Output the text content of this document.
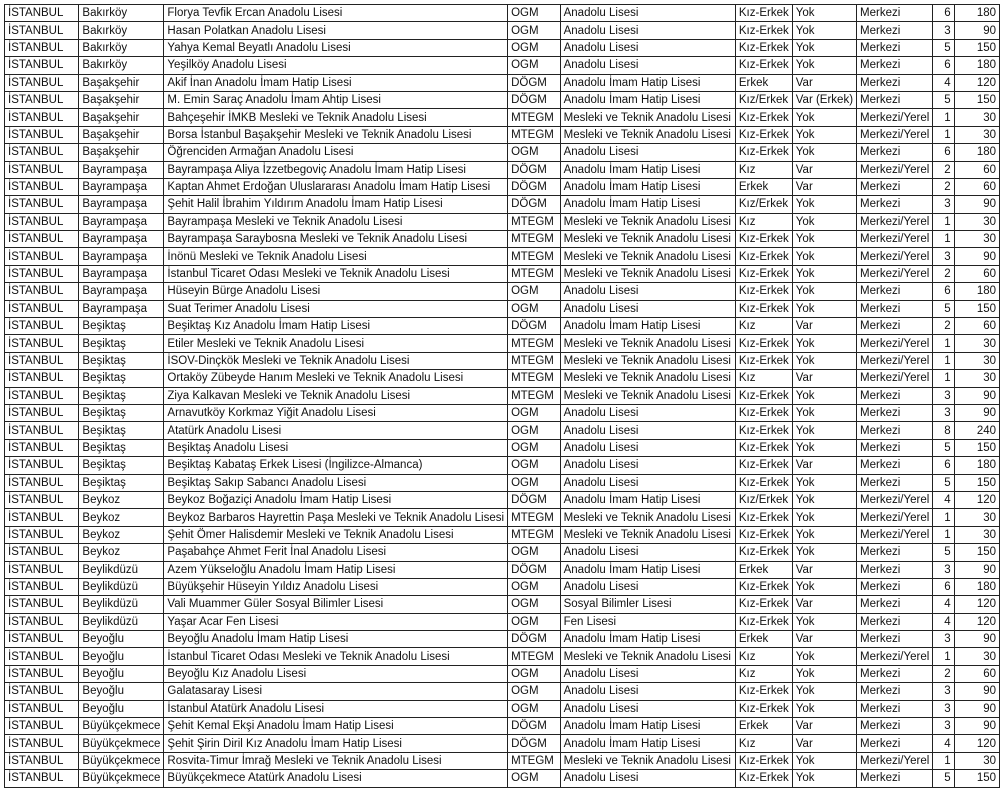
İSTANBUL	Bakırköy	Florya Tevfik Ercan Anadolu Lisesi	OGM	Anadolu Lisesi	Kız-Erkek	Yok	Merkezi	6	180
İSTANBUL	Bakırköy	Hasan Polatkan Anadolu Lisesi	OGM	Anadolu Lisesi	Kız-Erkek	Yok	Merkezi	3	90
İSTANBUL	Bakırköy	Yahya Kemal Beyatlı Anadolu Lisesi	OGM	Anadolu Lisesi	Kız-Erkek	Yok	Merkezi	5	150
İSTANBUL	Bakırköy	Yeşilköy Anadolu Lisesi	OGM	Anadolu Lisesi	Kız-Erkek	Yok	Merkezi	6	180
İSTANBUL	Başakşehir	Akif İnan Anadolu İmam Hatip Lisesi	DÖGM	Anadolu İmam Hatip Lisesi	Erkek	Var	Merkezi	4	120
İSTANBUL	Başakşehir	M. Emin Saraç Anadolu İmam Ahtip Lisesi	DÖGM	Anadolu İmam Hatip Lisesi	Kız/Erkek	Var (Erkek)	Merkezi	5	150
İSTANBUL	Başakşehir	Bahçeşehir İMKB Mesleki ve Teknik Anadolu Lisesi	MTEGM	Mesleki ve Teknik Anadolu Lisesi	Kız-Erkek	Yok	Merkezi/Yerel	1	30
İSTANBUL	Başakşehir	Borsa İstanbul Başakşehir Mesleki ve Teknik Anadolu Lisesi	MTEGM	Mesleki ve Teknik Anadolu Lisesi	Kız-Erkek	Yok	Merkezi/Yerel	1	30
İSTANBUL	Başakşehir	Öğrenciden Armağan Anadolu Lisesi	OGM	Anadolu Lisesi	Kız-Erkek	Yok	Merkezi	6	180
İSTANBUL	Bayrampaşa	Bayrampaşa Aliya İzzetbegoviç Anadolu İmam Hatip Lisesi	DÖGM	Anadolu İmam Hatip Lisesi	Kız	Var	Merkezi/Yerel	2	60
İSTANBUL	Bayrampaşa	Kaptan Ahmet Erdoğan Uluslararası Anadolu İmam Hatip Lisesi	DÖGM	Anadolu İmam Hatip Lisesi	Erkek	Var	Merkezi	2	60
İSTANBUL	Bayrampaşa	Şehit Halil İbrahim Yıldırım Anadolu İmam Hatip Lisesi	DÖGM	Anadolu İmam Hatip Lisesi	Kız/Erkek	Yok	Merkezi	3	90
İSTANBUL	Bayrampaşa	Bayrampaşa Mesleki ve Teknik Anadolu Lisesi	MTEGM	Mesleki ve Teknik Anadolu Lisesi	Kız	Yok	Merkezi/Yerel	1	30
İSTANBUL	Bayrampaşa	Bayrampaşa Saraybosna Mesleki ve Teknik Anadolu Lisesi	MTEGM	Mesleki ve Teknik Anadolu Lisesi	Kız-Erkek	Yok	Merkezi/Yerel	1	30
İSTANBUL	Bayrampaşa	İnönü Mesleki ve Teknik Anadolu Lisesi	MTEGM	Mesleki ve Teknik Anadolu Lisesi	Kız-Erkek	Yok	Merkezi/Yerel	3	90
İSTANBUL	Bayrampaşa	İstanbul Ticaret Odası Mesleki ve Teknik Anadolu Lisesi	MTEGM	Mesleki ve Teknik Anadolu Lisesi	Kız-Erkek	Yok	Merkezi/Yerel	2	60
İSTANBUL	Bayrampaşa	Hüseyin Bürge Anadolu Lisesi	OGM	Anadolu Lisesi	Kız-Erkek	Yok	Merkezi	6	180
İSTANBUL	Bayrampaşa	Suat Terimer Anadolu Lisesi	OGM	Anadolu Lisesi	Kız-Erkek	Yok	Merkezi	5	150
İSTANBUL	Beşiktaş	Beşiktaş Kız Anadolu İmam Hatip Lisesi	DÖGM	Anadolu İmam Hatip Lisesi	Kız	Var	Merkezi	2	60
İSTANBUL	Beşiktaş	Etiler Mesleki ve Teknik Anadolu Lisesi	MTEGM	Mesleki ve Teknik Anadolu Lisesi	Kız-Erkek	Yok	Merkezi/Yerel	1	30
İSTANBUL	Beşiktaş	İSOV-Dinçkök Mesleki ve Teknik Anadolu Lisesi	MTEGM	Mesleki ve Teknik Anadolu Lisesi	Kız-Erkek	Yok	Merkezi/Yerel	1	30
İSTANBUL	Beşiktaş	Ortaköy Zübeyde Hanım Mesleki ve Teknik Anadolu Lisesi	MTEGM	Mesleki ve Teknik Anadolu Lisesi	Kız	Var	Merkezi/Yerel	1	30
İSTANBUL	Beşiktaş	Ziya Kalkavan Mesleki ve Teknik Anadolu Lisesi	MTEGM	Mesleki ve Teknik Anadolu Lisesi	Kız-Erkek	Yok	Merkezi	3	90
İSTANBUL	Beşiktaş	Arnavutköy Korkmaz Yiğit Anadolu Lisesi	OGM	Anadolu Lisesi	Kız-Erkek	Yok	Merkezi	3	90
İSTANBUL	Beşiktaş	Atatürk Anadolu Lisesi	OGM	Anadolu Lisesi	Kız-Erkek	Yok	Merkezi	8	240
İSTANBUL	Beşiktaş	Beşiktaş Anadolu Lisesi	OGM	Anadolu Lisesi	Kız-Erkek	Yok	Merkezi	5	150
İSTANBUL	Beşiktaş	Beşiktaş Kabataş Erkek Lisesi (İngilizce-Almanca)	OGM	Anadolu Lisesi	Kız-Erkek	Var	Merkezi	6	180
İSTANBUL	Beşiktaş	Beşiktaş Sakıp Sabancı Anadolu Lisesi	OGM	Anadolu Lisesi	Kız-Erkek	Yok	Merkezi	5	150
İSTANBUL	Beykoz	Beykoz Boğaziçi Anadolu İmam Hatip Lisesi	DÖGM	Anadolu İmam Hatip Lisesi	Kız/Erkek	Yok	Merkezi/Yerel	4	120
İSTANBUL	Beykoz	Beykoz Barbaros Hayrettin Paşa Mesleki ve Teknik Anadolu Lisesi	MTEGM	Mesleki ve Teknik Anadolu Lisesi	Kız-Erkek	Yok	Merkezi/Yerel	1	30
İSTANBUL	Beykoz	Şehit Ömer Halisdemir Mesleki ve Teknik Anadolu Lisesi	MTEGM	Mesleki ve Teknik Anadolu Lisesi	Kız-Erkek	Yok	Merkezi/Yerel	1	30
İSTANBUL	Beykoz	Paşabahçe Ahmet Ferit İnal Anadolu Lisesi	OGM	Anadolu Lisesi	Kız-Erkek	Yok	Merkezi	5	150
İSTANBUL	Beylikdüzü	Azem Yükseloğlu Anadolu İmam Hatip Lisesi	DÖGM	Anadolu İmam Hatip Lisesi	Erkek	Var	Merkezi	3	90
İSTANBUL	Beylikdüzü	Büyükşehir Hüseyin Yıldız Anadolu Lisesi	OGM	Anadolu Lisesi	Kız-Erkek	Yok	Merkezi	6	180
İSTANBUL	Beylikdüzü	Vali Muammer Güler Sosyal Bilimler Lisesi	OGM	Sosyal Bilimler Lisesi	Kız-Erkek	Var	Merkezi	4	120
İSTANBUL	Beylikdüzü	Yaşar Acar Fen Lisesi	OGM	Fen Lisesi	Kız-Erkek	Yok	Merkezi	4	120
İSTANBUL	Beyoğlu	Beyoğlu Anadolu İmam Hatip Lisesi	DÖGM	Anadolu İmam Hatip Lisesi	Erkek	Var	Merkezi	3	90
İSTANBUL	Beyoğlu	İstanbul Ticaret Odası Mesleki ve Teknik Anadolu Lisesi	MTEGM	Mesleki ve Teknik Anadolu Lisesi	Kız	Yok	Merkezi/Yerel	1	30
İSTANBUL	Beyoğlu	Beyoğlu Kız Anadolu Lisesi	OGM	Anadolu Lisesi	Kız	Yok	Merkezi	2	60
İSTANBUL	Beyoğlu	Galatasaray Lisesi	OGM	Anadolu Lisesi	Kız-Erkek	Yok	Merkezi	3	90
İSTANBUL	Beyoğlu	İstanbul Atatürk Anadolu Lisesi	OGM	Anadolu Lisesi	Kız-Erkek	Yok	Merkezi	3	90
İSTANBUL	Büyükçekmece	Şehit Kemal Ekşi Anadolu İmam Hatip Lisesi	DÖGM	Anadolu İmam Hatip Lisesi	Erkek	Var	Merkezi	3	90
İSTANBUL	Büyükçekmece	Şehit Şirin Diril Kız Anadolu İmam Hatip Lisesi	DÖGM	Anadolu İmam Hatip Lisesi	Kız	Var	Merkezi	4	120
İSTANBUL	Büyükçekmece	Rosvita-Timur İmrağ Mesleki ve Teknik Anadolu Lisesi	MTEGM	Mesleki ve Teknik Anadolu Lisesi	Kız-Erkek	Yok	Merkezi/Yerel	1	30
İSTANBUL	Büyükçekmece	Büyükçekmece Atatürk Anadolu Lisesi	OGM	Anadolu Lisesi	Kız-Erkek	Yok	Merkezi	5	150
